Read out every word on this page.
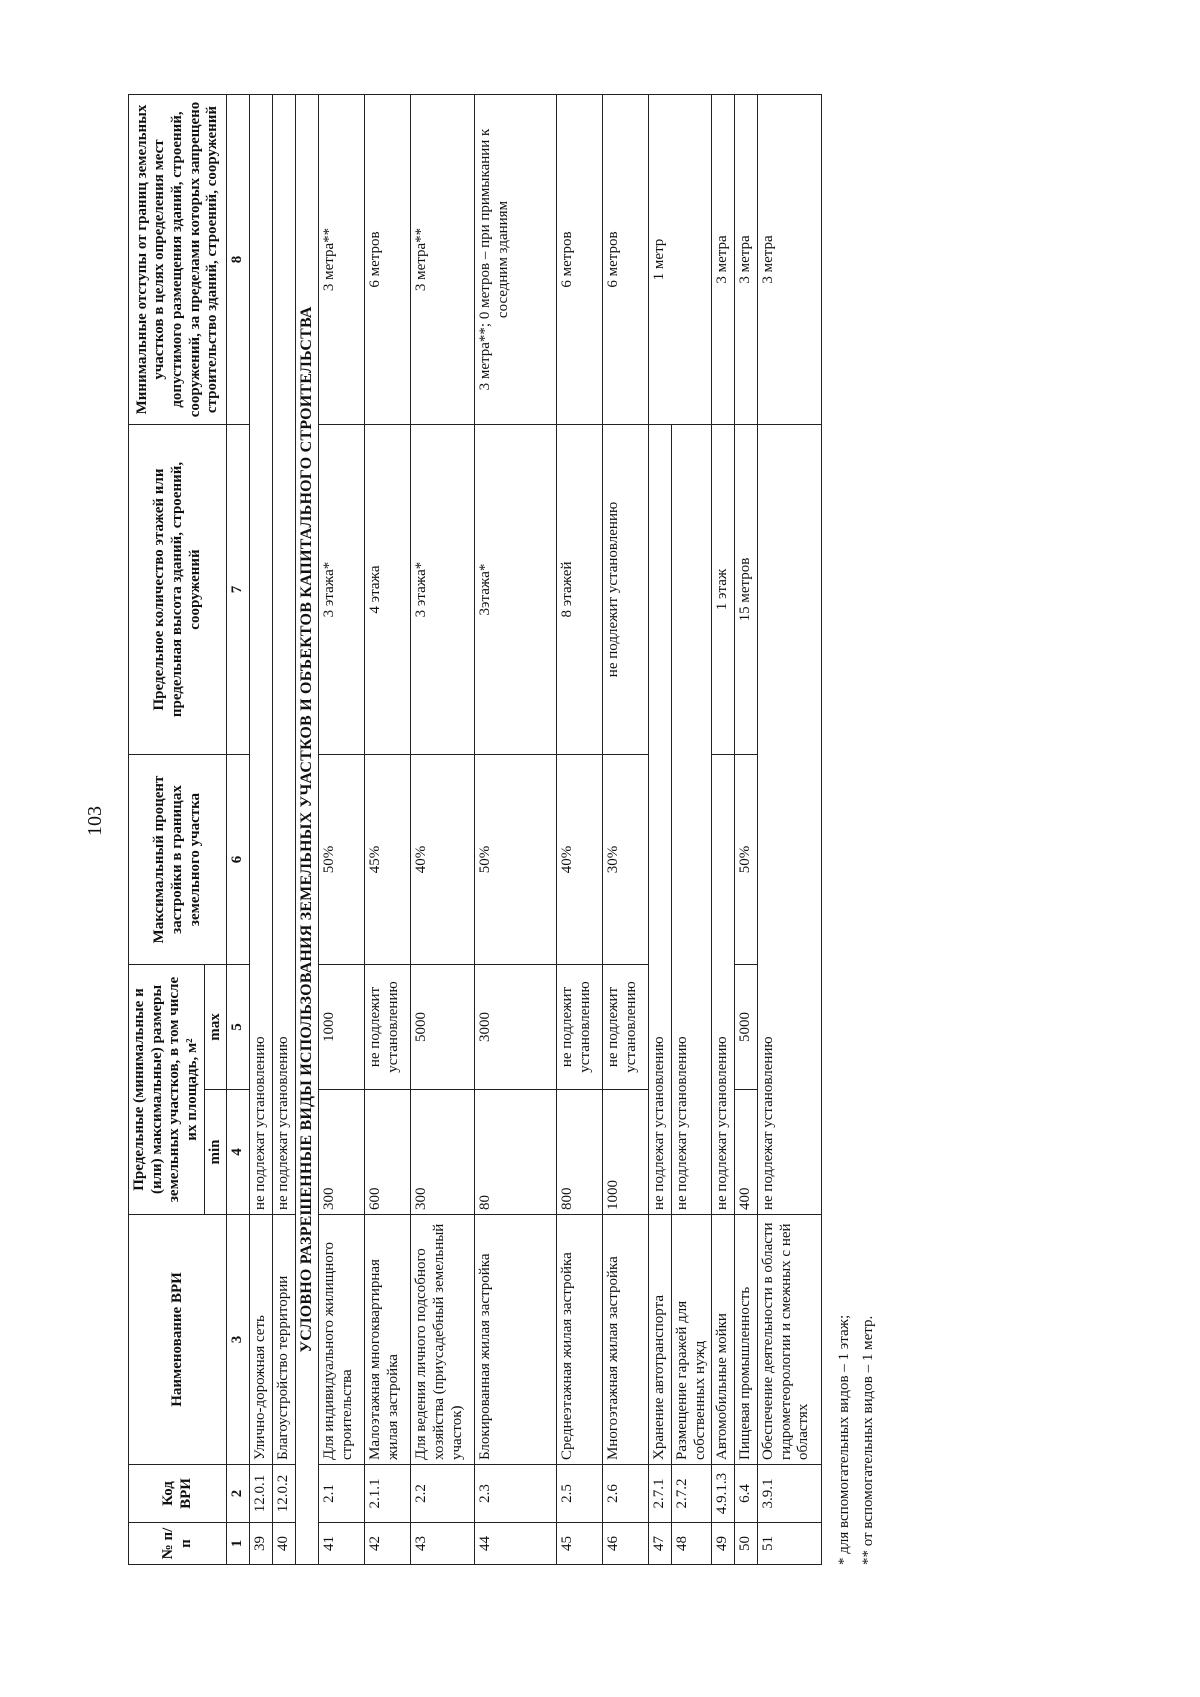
103
№ п/п	Код ВРИ	Наименование ВРИ	Предельные (минимальные и (или) максимальные) размеры земельных участков, в том числе их площадь, м²		Максимальный процент застройки в границах земельного участка	Предельное количество этажей или предельная высота зданий, строений, сооружений	Минимальные отступы от границ земельных участков в целях определения мест допустимого размещения зданий, строений, сооружений, за пределами которых запрещено строительство зданий, строений, сооружений
			min	max			
1	2	3	4	5	6	7	8
39	12.0.1	Улично-дорожная сеть	не подлежат установлению				
40	12.0.2	Благоустройство территории	не подлежат установлению				
УСЛОВНО РАЗРЕШЕННЫЕ ВИДЫ ИСПОЛЬЗОВАНИЯ ЗЕМЕЛЬНЫХ УЧАСТКОВ И ОБЪЕКТОВ КАПИТАЛЬНОГО СТРОИТЕЛЬСТВА							
41	2.1	Для индивидуального жилищного строительства	300	1000	50%	3 этажа*	3 метра**
42	2.1.1	Малоэтажная многоквартирная жилая застройка	600	не подлежит установлению	45%	4 этажа	6 метров
43	2.2	Для ведения личного подсобного хозяйства (приусадебный земельный участок)	300	5000	40%	3 этажа*	3 метра**
44	2.3	Блокированная жилая застройка	80	3000	50%	3этажа*	3 метра**; 0 метров – при примыкании к соседним зданиям
45	2.5	Среднеэтажная жилая застройка	800	не подлежит установлению	40%	8 этажей	6 метров
46	2.6	Многоэтажная жилая застройка	1000	не подлежит установлению	30%	не подлежит установлению	6 метров
47	2.7.1	Хранение автотранспорта	не подлежат установлению				1 метр
48	2.7.2	Размещение гаражей для собственных нужд	не подлежат установлению				
49	4.9.1.3	Автомобильные мойки	не подлежат установлению			1 этаж	3 метра
50	6.4	Пищевая промышленность	400	5000	50%	15 метров	3 метра
51	3.9.1	Обеспечение деятельности в области гидрометеорологии и смежных с ней областях	не подлежат установлению				3 метра
* для вспомогательных видов – 1 этаж; ** от вспомогательных видов – 1 метр.
